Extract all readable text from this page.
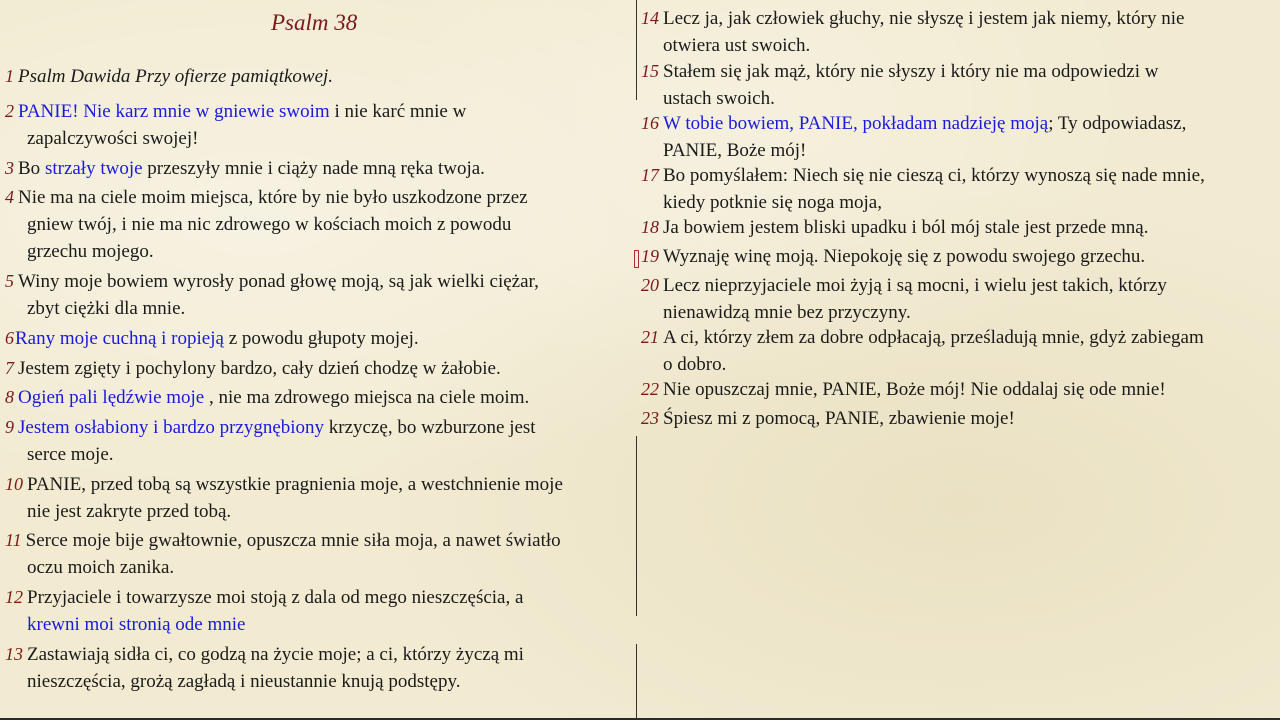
Psalm 38
1 Psalm Dawida Przy ofierze pamiątkowej.
2 PANIE! Nie karz mnie w gniewie swoim i nie karć mnie w
zapalczywości swojej!
3 Bo strzały twoje przeszyły mnie i ciąży nade mną ręka twoja.
4 Nie ma na ciele moim miejsca, które by nie było uszkodzone przez
gniew twój, i nie ma nic zdrowego w kościach moich z powodu
grzechu mojego.
5 Winy moje bowiem wyrosły ponad głowę moją, są jak wielki ciężar,
zbyt ciężki dla mnie.
6Rany moje cuchną i ropieją z powodu głupoty mojej.
7 Jestem zgięty i pochylony bardzo, cały dzień chodzę w żałobie.
8 Ogień pali lędźwie moje , nie ma zdrowego miejsca na ciele moim.
9 Jestem osłabiony i bardzo przygnębiony krzyczę, bo wzburzone jest
serce moje.
10 PANIE, przed tobą są wszystkie pragnienia moje, a westchnienie moje
nie jest zakryte przed tobą.
11 Serce moje bije gwałtownie, opuszcza mnie siła moja, a nawet światło
oczu moich zanika.
12 Przyjaciele i towarzysze moi stoją z dala od mego nieszczęścia, a
krewni moi stronią ode mnie
13 Zastawiają sidła ci, co godzą na życie moje; a ci, którzy życzą mi
nieszczęścia, grożą zagładą i nieustannie knują podstępy.
14 Lecz ja, jak człowiek głuchy, nie słyszę i jestem jak niemy, który nie
otwiera ust swoich.
15 Stałem się jak mąż, który nie słyszy i który nie ma odpowiedzi w
ustach swoich.
16 W tobie bowiem, PANIE, pokładam nadzieję moją; Ty odpowiadasz,
PANIE, Boże mój!
17 Bo pomyślałem: Niech się nie cieszą ci, którzy wynoszą się nade mnie,
kiedy potknie się noga moja,
18 Ja bowiem jestem bliski upadku i ból mój stale jest przede mną.
19 Wyznaję winę moją. Niepokoję się z powodu swojego grzechu.
20 Lecz nieprzyjaciele moi żyją i są mocni, i wielu jest takich, którzy
nienawidzą mnie bez przyczyny.
21 A ci, którzy złem za dobre odpłacają, prześladują mnie, gdyż zabiegam
o dobro.
22 Nie opuszczaj mnie, PANIE, Boże mój! Nie oddalaj się ode mnie!
23 Śpiesz mi z pomocą, PANIE, zbawienie moje!
